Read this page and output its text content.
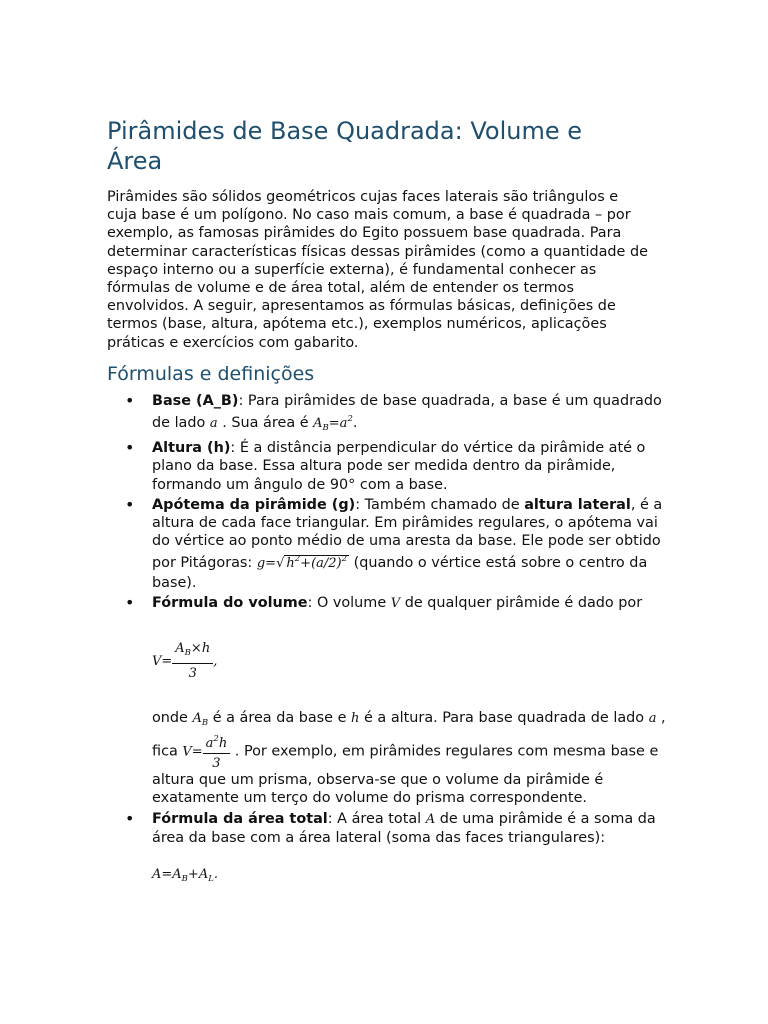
Pirâmides de Base Quadrada: Volume e Área

Pirâmides são sólidos geométricos cujas faces laterais são triângulos e cuja base é um polígono. No caso mais comum, a base é quadrada – por exemplo, as famosas pirâmides do Egito possuem base quadrada. Para determinar características físicas dessas pirâmides (como a quantidade de espaço interno ou a superfície externa), é fundamental conhecer as fórmulas de volume e de área total, além de entender os termos envolvidos. A seguir, apresentamos as fórmulas básicas, definições de termos (base, altura, apótema etc.), exemplos numéricos, aplicações práticas e exercícios com gabarito.

Fórmulas e definições
• Base (A_B): Para pirâmides de base quadrada, a base é um quadrado de lado a . Sua área é $A_B=a^2$.
• Altura (h): É a distância perpendicular do vértice da pirâmide até o plano da base. Essa altura pode ser medida dentro da pirâmide, formando um ângulo de 90° com a base.
• Apótema da pirâmide (g): Também chamado de altura lateral, é a altura de cada face triangular. Em pirâmides regulares, o apótema vai do vértice ao ponto médio de uma aresta da base. Ele pode ser obtido por Pitágoras: g=√ $h^2+(a/2)^2$ (quando o vértice está sobre o centro da base).
• Fórmula do volume: O volume V de qualquer pirâmide é dado por
$V= \frac{A_B\times h}{3}$ ,
onde $A_B$ é a área da base e h é a altura. Para base quadrada de lado a , fica $V= \frac{a^2h}{3}$ . Por exemplo, em pirâmides regulares com mesma base e altura que um prisma, observa-se que o volume da pirâmide é exatamente um terço do volume do prisma correspondente.
• Fórmula da área total: A área total A de uma pirâmide é a soma da área da base com a área lateral (soma das faces triangulares):
$A=A_B+A_L$.
